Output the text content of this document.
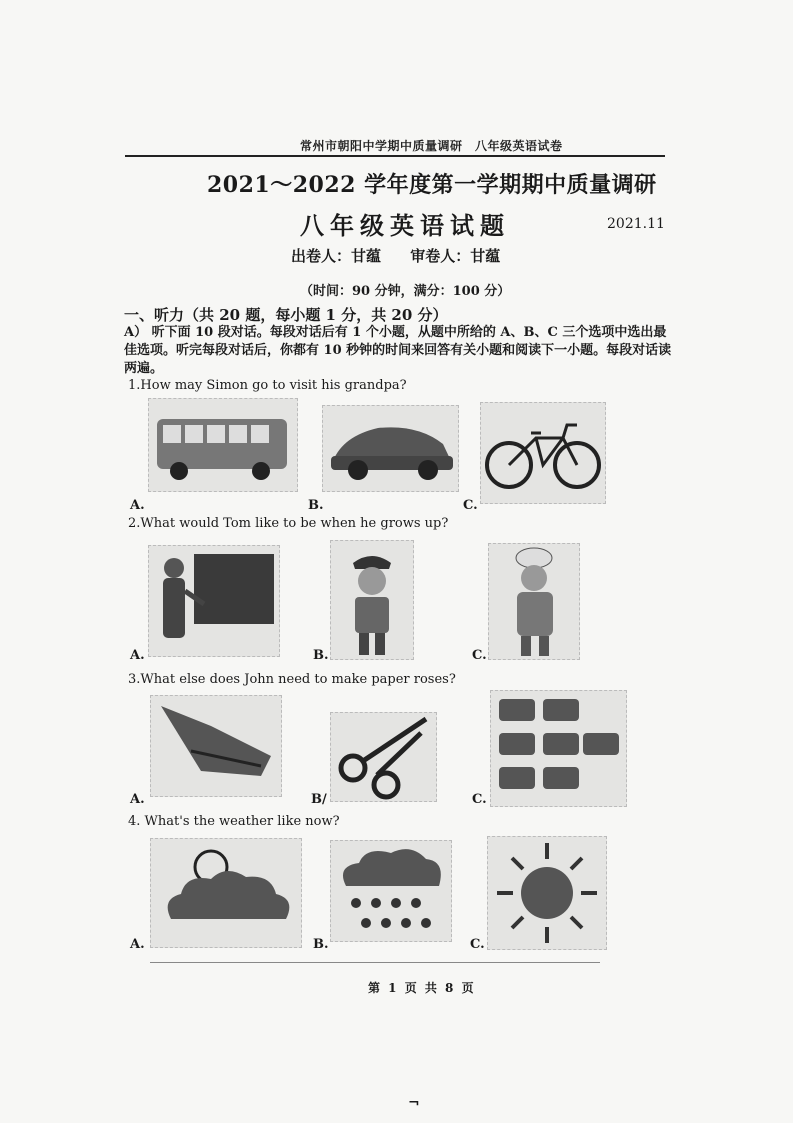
常州市朝阳中学期中质量调研　八年级英语试卷
2021～2022 学年度第一学期期中质量调研
八年级英语试题	2021.11
出卷人：甘蕴 审卷人：甘蕴
（时间：90 分钟，满分：100 分）
一、听力（共 20 题，每小题 1 分，共 20 分）
A） 听下面 10 段对话。每段对话后有 1 个小题，从题中所给的 A、B、C 三个选项中选出最佳选项。听完每段对话后，你都有 10 秒钟的时间来回答有关小题和阅读下一小题。每段对话读两遍。
1.How may Simon go to visit his grandpa?
A.	B.	C.
2.What would Tom like to be when he grows up?
A.	B.	C.
3.What else does John need to make paper roses?
A.	B/	C.
4. What's the weather like now?
A.	B.	C.
第 1 页 共 8 页
¬
